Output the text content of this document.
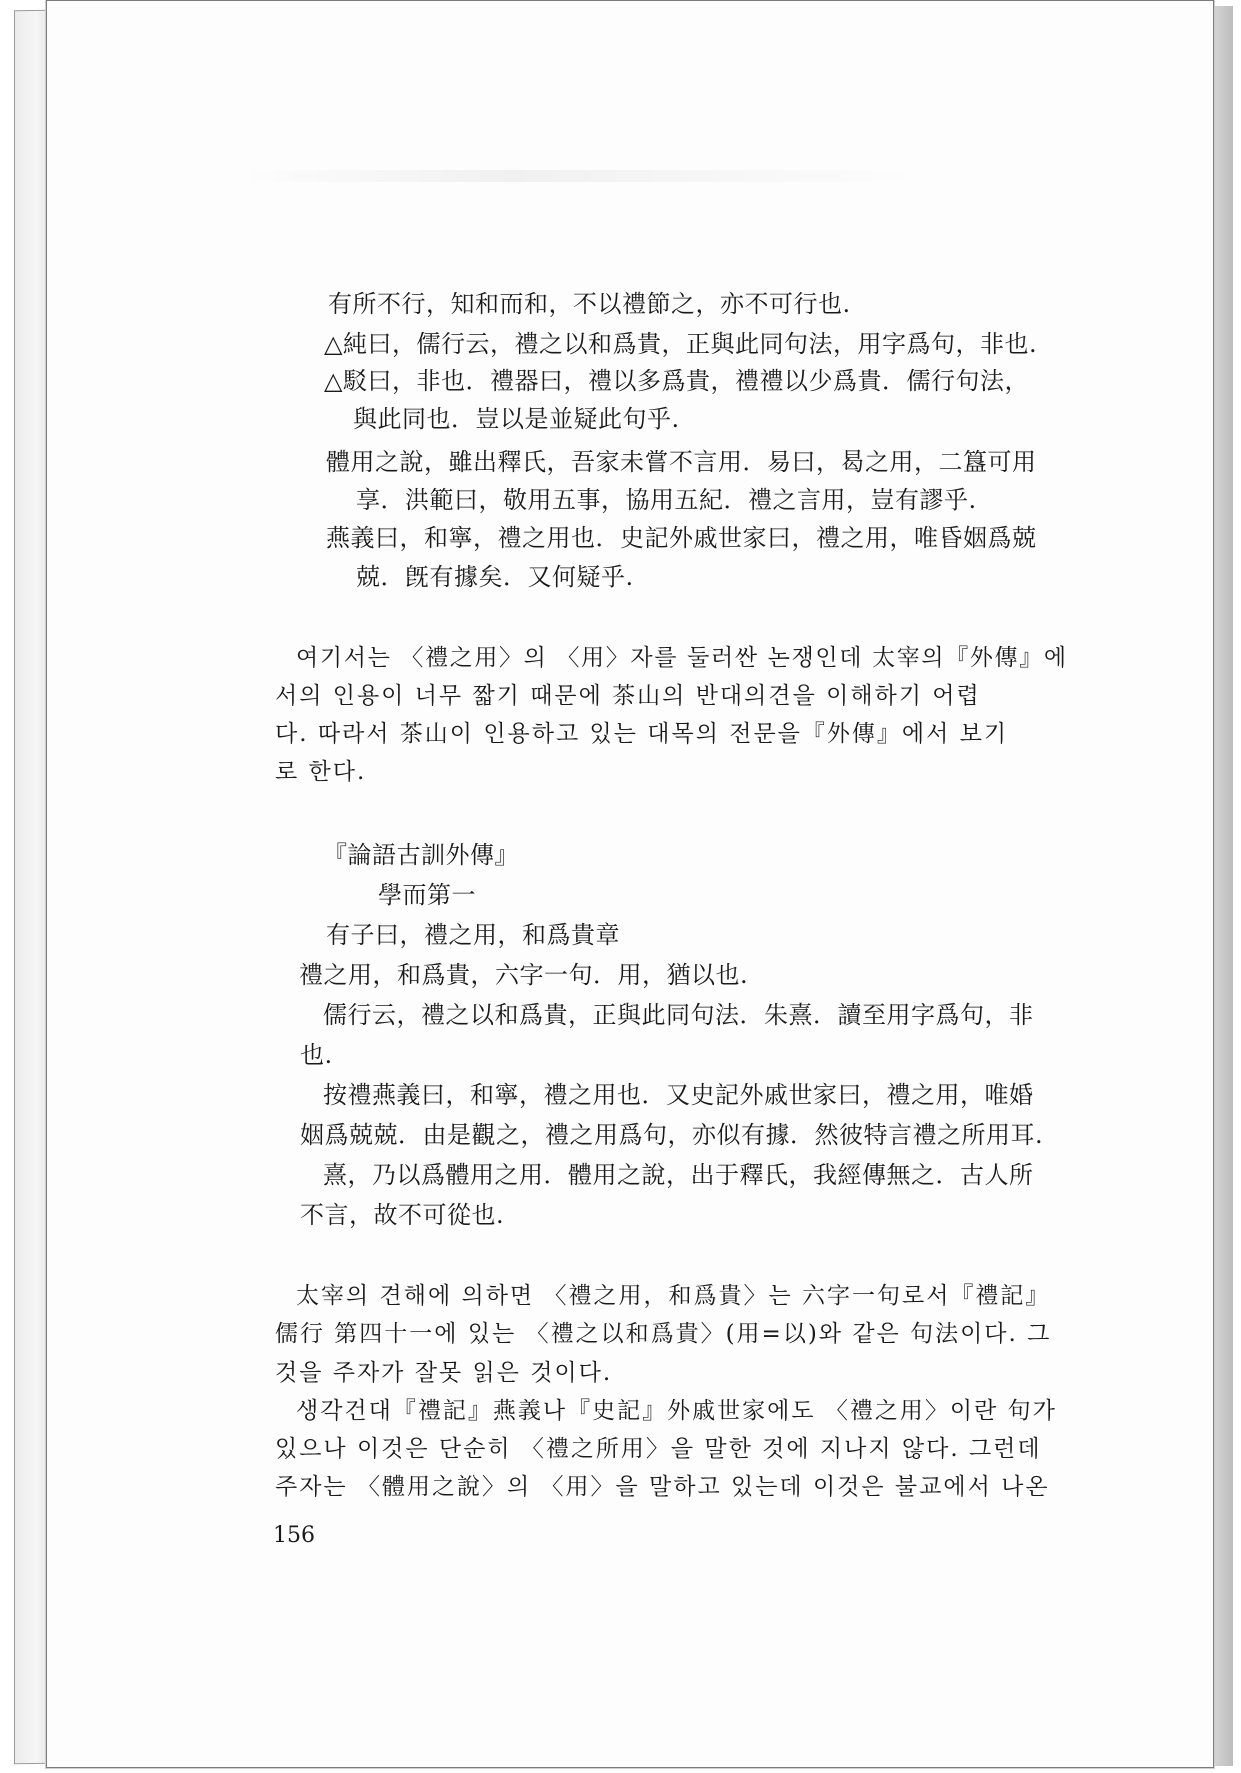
有所不行，知和而和，不以禮節之，亦不可行也.
△純曰，儒行云，禮之以和爲貴，正與此同句法，用字爲句，非也.
△駁曰，非也．禮器曰，禮以多爲貴，禮禮以少爲貴．儒行句法，
與此同也．豈以是並疑此句乎.
體用之說，雖出釋氏，吾家未嘗不言用．易曰，曷之用，二簋可用
享．洪範曰，敬用五事，協用五紀．禮之言用，豈有謬乎.
燕義曰，和寧，禮之用也．史記外戚世家曰，禮之用，唯昏姻爲兢
兢．旣有據矣．又何疑乎.
여기서는 〈禮之用〉의 〈用〉자를 둘러싼 논쟁인데 太宰의『外傳』에
서의 인용이 너무 짧기 때문에 茶山의 반대의견을 이해하기 어렵
다. 따라서 茶山이 인용하고 있는 대목의 전문을『外傳』에서 보기
로 한다.
『論語古訓外傳』
學而第一
有子曰，禮之用，和爲貴章
禮之用，和爲貴，六字一句．用，猶以也.
儒行云，禮之以和爲貴，正與此同句法．朱熹．讀至用字爲句，非
也.
按禮燕義曰，和寧，禮之用也．又史記外戚世家曰，禮之用，唯婚
姻爲兢兢．由是觀之，禮之用爲句，亦似有據．然彼特言禮之所用耳.
熹，乃以爲體用之用．體用之說，出于釋氏，我經傳無之．古人所
不言，故不可從也.
太宰의 견해에 의하면 〈禮之用，和爲貴〉는 六字一句로서『禮記』
儒行 第四十一에 있는 〈禮之以和爲貴〉(用=以)와 같은 句法이다. 그
것을 주자가 잘못 읽은 것이다.
생각건대『禮記』燕義나『史記』外戚世家에도 〈禮之用〉이란 句가
있으나 이것은 단순히 〈禮之所用〉을 말한 것에 지나지 않다. 그런데
주자는 〈體用之說〉의 〈用〉을 말하고 있는데 이것은 불교에서 나온
156
